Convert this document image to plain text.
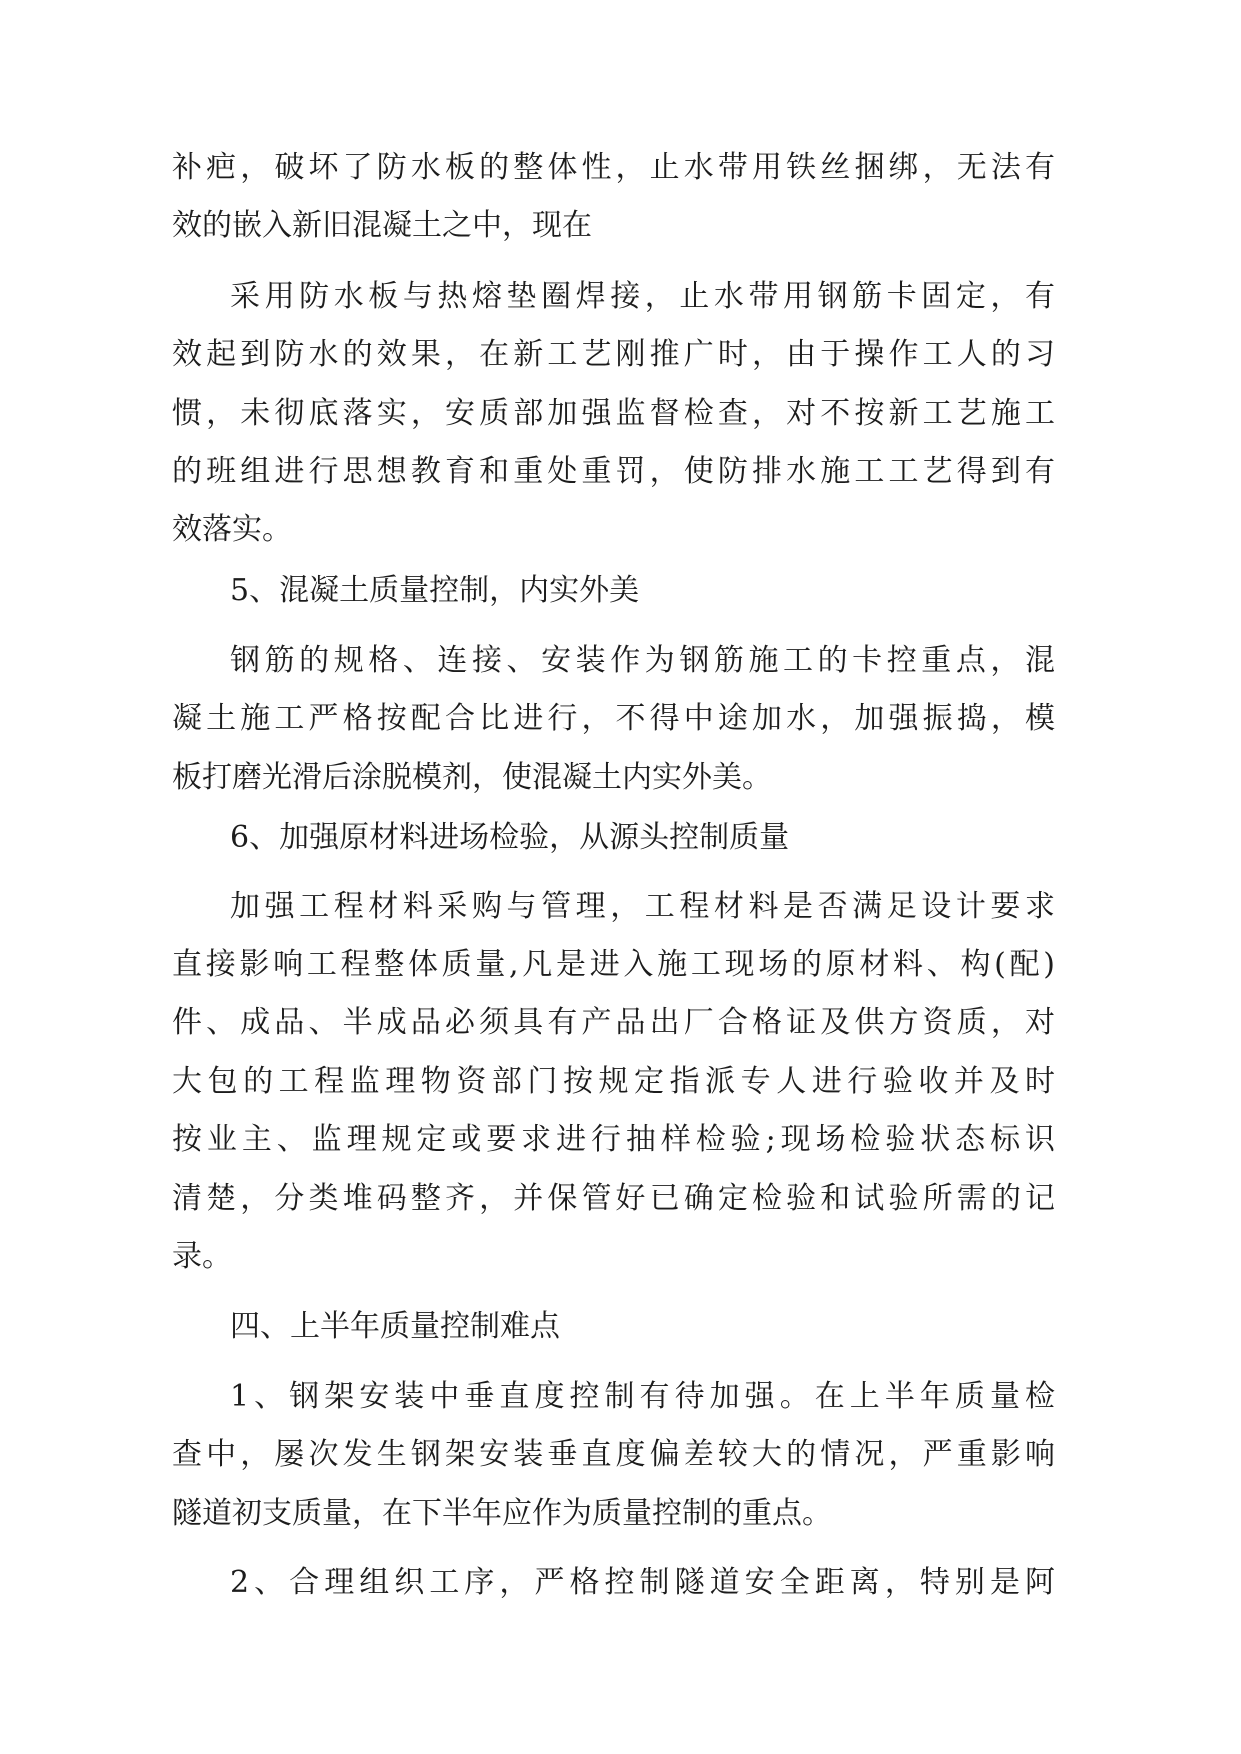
补疤，破坏了防水板的整体性，止水带用铁丝捆绑，无法有
效的嵌入新旧混凝土之中，现在
采用防水板与热熔垫圈焊接，止水带用钢筋卡固定，有
效起到防水的效果，在新工艺刚推广时，由于操作工人的习
惯，未彻底落实，安质部加强监督检查，对不按新工艺施工
的班组进行思想教育和重处重罚，使防排水施工工艺得到有
效落实。
5、混凝土质量控制，内实外美
钢筋的规格、连接、安装作为钢筋施工的卡控重点，混
凝土施工严格按配合比进行，不得中途加水，加强振捣，模
板打磨光滑后涂脱模剂，使混凝土内实外美。
6、加强原材料进场检验，从源头控制质量
加强工程材料采购与管理，工程材料是否满足设计要求
直接影响工程整体质量,凡是进入施工现场的原材料、构(配)
件、成品、半成品必须具有产品出厂合格证及供方资质，对
大包的工程监理物资部门按规定指派专人进行验收并及时
按业主、监理规定或要求进行抽样检验;现场检验状态标识
清楚，分类堆码整齐，并保管好已确定检验和试验所需的记
录。
四、上半年质量控制难点
1、钢架安装中垂直度控制有待加强。在上半年质量检
查中，屡次发生钢架安装垂直度偏差较大的情况，严重影响
隧道初支质量，在下半年应作为质量控制的重点。
2、合理组织工序，严格控制隧道安全距离，特别是阿
